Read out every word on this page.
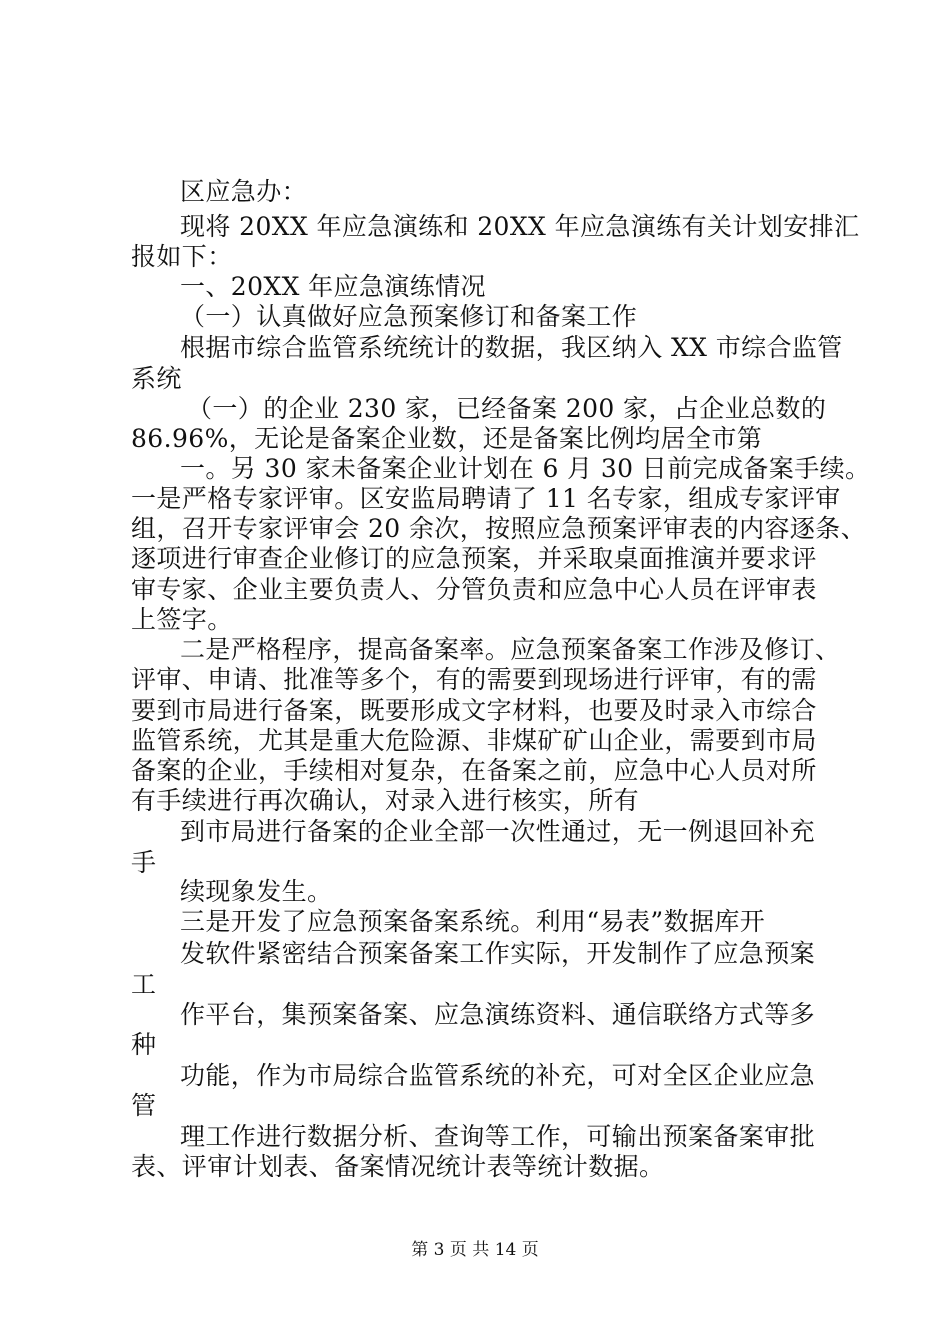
区应急办：
现将 20XX 年应急演练和 20XX 年应急演练有关计划安排汇
报如下：
一、20XX 年应急演练情况
（一）认真做好应急预案修订和备案工作
根据市综合监管系统统计的数据，我区纳入 XX 市综合监管
系统
（一）的企业 230 家，已经备案 200 家，占企业总数的
86.96%，无论是备案企业数，还是备案比例均居全市第
一。另 30 家未备案企业计划在 6 月 30 日前完成备案手续。
一是严格专家评审。区安监局聘请了 11 名专家，组成专家评审
组，召开专家评审会 20 余次，按照应急预案评审表的内容逐条、
逐项进行审查企业修订的应急预案，并采取桌面推演并要求评
审专家、企业主要负责人、分管负责和应急中心人员在评审表
上签字。
二是严格程序，提高备案率。应急预案备案工作涉及修订、
评审、申请、批准等多个，有的需要到现场进行评审，有的需
要到市局进行备案，既要形成文字材料，也要及时录入市综合
监管系统，尤其是重大危险源、非煤矿矿山企业，需要到市局
备案的企业，手续相对复杂，在备案之前，应急中心人员对所
有手续进行再次确认，对录入进行核实，所有
到市局进行备案的企业全部一次性通过，无一例退回补充
手
续现象发生。
三是开发了应急预案备案系统。利用“易表”数据库开
发软件紧密结合预案备案工作实际，开发制作了应急预案
工
作平台，集预案备案、应急演练资料、通信联络方式等多
种
功能，作为市局综合监管系统的补充，可对全区企业应急
管
理工作进行数据分析、查询等工作，可输出预案备案审批
表、评审计划表、备案情况统计表等统计数据。
第 3 页 共 14 页
